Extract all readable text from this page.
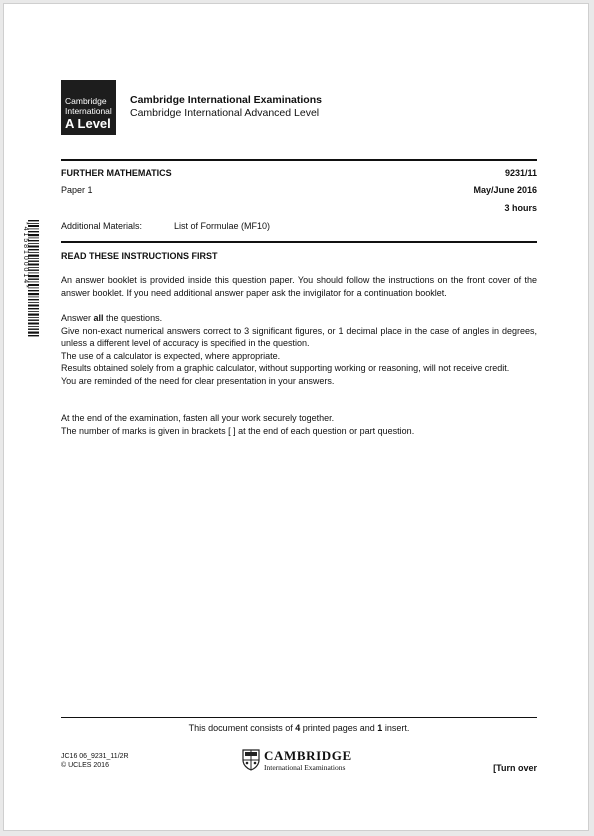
Cambridge
International
A Level
Cambridge International Examinations
Cambridge International Advanced Level
FURTHER MATHEMATICS	9231/11
Paper 1	May/June 2016
3 hours
Additional Materials:	List of Formulae (MF10)
* 4 1 5 8 1 0 0 0 1 4 *	READ THESE INSTRUCTIONS FIRST

An answer booklet is provided inside this question paper. You should follow the instructions on the front cover of the answer booklet. If you need additional answer paper ask the invigilator for a continuation booklet.

Answer all the questions.

Give non-exact numerical answers correct to 3 significant figures, or 1 decimal place in the case of angles in degrees, unless a different level of accuracy is specified in the question.

The use of a calculator is expected, where appropriate.

Results obtained solely from a graphic calculator, without supporting working or reasoning, will not receive credit.

You are reminded of the need for clear presentation in your answers.

At the end of the examination, fasten all your work securely together.

The number of marks is given in brackets [ ] at the end of each question or part question.

This document consists of 4 printed pages and 1 insert.
JC16 06_9231_11/2R
© UCLES 2016
CAMBRIDGE
International Examinations	[Turn over
